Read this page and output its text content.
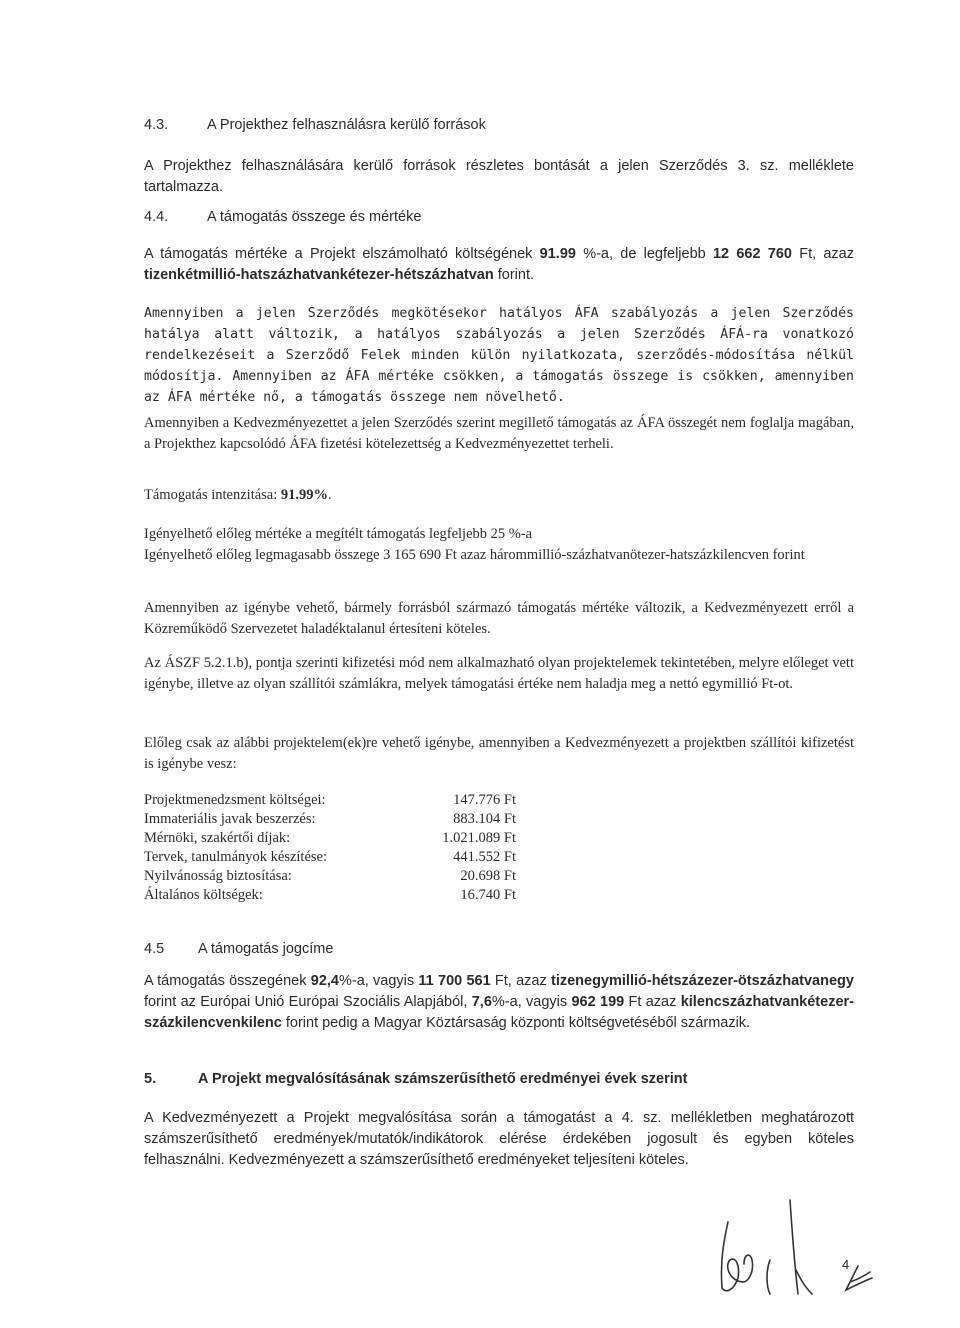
4.3.	A Projekthez felhasználásra kerülő források
A Projekthez felhasználására kerülő források részletes bontását a jelen Szerződés 3. sz. melléklete tartalmazza.
4.4.	A támogatás összege és mértéke
A támogatás mértéke a Projekt elszámolható költségének 91.99 %-a, de legfeljebb 12 662 760 Ft, azaz tizenkétmillió-hatszázhatvankétezer-hétszázhatvan forint.
Amennyiben a jelen Szerződés megkötésekor hatályos ÁFA szabályozás a jelen Szerződés hatálya alatt változik, a hatályos szabályozás a jelen Szerződés ÁFÁ-ra vonatkozó rendelkezéseit a Szerződő Felek minden külön nyilatkozata, szerződés-módosítása nélkül módosítja. Amennyiben az ÁFA mértéke csökken, a támogatás összege is csökken, amennyiben az ÁFA mértéke nő, a támogatás összege nem növelhető.
Amennyiben a Kedvezményezettet a jelen Szerződés szerint megillető támogatás az ÁFA összegét nem foglalja magában, a Projekthez kapcsolódó ÁFA fizetési kötelezettség a Kedvezményezettet terheli.
Támogatás intenzitása: 91.99%.
Igényelhető előleg mértéke a megítélt támogatás legfeljebb 25 %-a
Igényelhető előleg legmagasabb összege 3 165 690 Ft azaz hárommillió-százhatvanötezer-hatszázkilencven forint
Amennyiben az igénybe vehető, bármely forrásból származó támogatás mértéke változik, a Kedvezményezett erről a Közreműködő Szervezetet haladéktalanul értesíteni köteles.
Az ÁSZF 5.2.1.b), pontja szerinti kifizetési mód nem alkalmazható olyan projektelemek tekintetében, melyre előleget vett igénybe, illetve az olyan szállítói számlákra, melyek támogatási értéke nem haladja meg a nettó egymillió Ft-ot.
Előleg csak az alábbi projektelem(ek)re vehető igénybe, amennyiben a Kedvezményezett a projektben szállítói kifizetést is igénybe vesz:
Projektmenedzsment költségei:	147.776 Ft
Immateriális javak beszerzés:	883.104 Ft
Mérnöki, szakértői díjak:	1.021.089 Ft
Tervek, tanulmányok készítése:	441.552 Ft
Nyilvánosság biztosítása:	20.698 Ft
Általános költségek:	16.740 Ft
4.5 A támogatás jogcíme
A támogatás összegének 92,4%-a, vagyis 11 700 561 Ft, azaz tizenegymillió-hétszázezer-ötszázhatvanegy forint az Európai Unió Európai Szociális Alapjából, 7,6%-a, vagyis 962 199 Ft azaz kilencszázhatvankétezer-százkilencvenkilenc forint pedig a Magyar Köztársaság központi költségvetéséből származik.
5.	A Projekt megvalósításának számszerűsíthető eredményei évek szerint
A Kedvezményezett a Projekt megvalósítása során a támogatást a 4. sz. mellékletben meghatározott számszerűsíthető eredmények/mutatók/indikátorok elérése érdekében jogosult és egyben köteles felhasználni. Kedvezményezett a számszerűsíthető eredményeket teljesíteni köteles.
4
